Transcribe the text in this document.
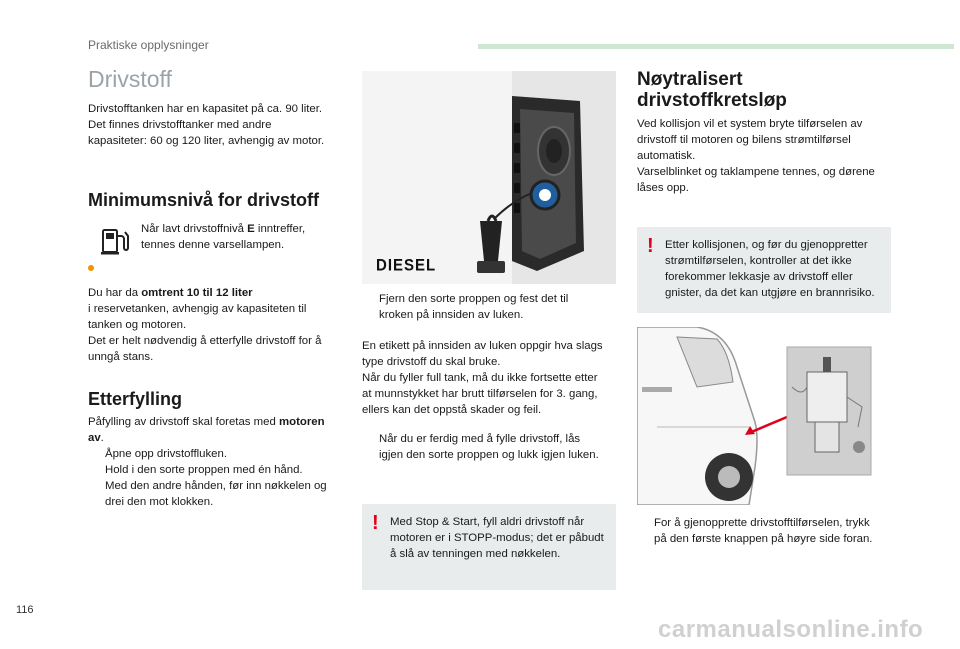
Praktiske opplysninger
Drivstoff

Drivstofftanken har en kapasitet på ca. 90 liter.

Det finnes drivstofftanker med andre

kapasiteter: 60 og 120 liter, avhengig av motor.

Minimumsnivå for drivstoff

Når lavt drivstoffnivå E inntreffer,

tennes denne varsellampen.

Du har da omtrent 10 til 12 liter

i reservetanken, avhengig av kapasiteten til

tanken og motoren.

Det er helt nødvendig å etterfylle drivstoff for å

unngå stans.

Etterfylling

Påfylling av drivstoff skal foretas med motoren

av.

Åpne opp drivstoffluken.

Hold i den sorte proppen med én hånd.

Med den andre hånden, før inn nøkkelen og

drei den mot klokken.

DIESEL

Fjern den sorte proppen og fest det til

kroken på innsiden av luken.

En etikett på innsiden av luken oppgir hva slags

type drivstoff du skal bruke.

Når du fyller full tank, må du ikke fortsette etter

at munnstykket har brutt tilførselen for 3. gang,

ellers kan det oppstå skader og feil.

Når du er ferdig med å fylle drivstoff, lås

igjen den sorte proppen og lukk igjen luken.

! Med Stop & Start, fyll aldri drivstoff når

motoren er i STOPP-modus; det er påbudt

å slå av tenningen med nøkkelen.

Nøytralisert
drivstoffkretsløp

Ved kollisjon vil et system bryte tilførselen av

drivstoff til motoren og bilens strømtilførsel

automatisk.

Varselblinket og taklampene tennes, og dørene

låses opp.

! Etter kollisjonen, og før du gjenoppretter

strømtilførselen, kontroller at det ikke

forekommer lekkasje av drivstoff eller

gnister, da det kan utgjøre en brannrisiko.

For å gjenopprette drivstofftilførselen, trykk

på den første knappen på høyre side foran.

116
carmanualsonline.info
